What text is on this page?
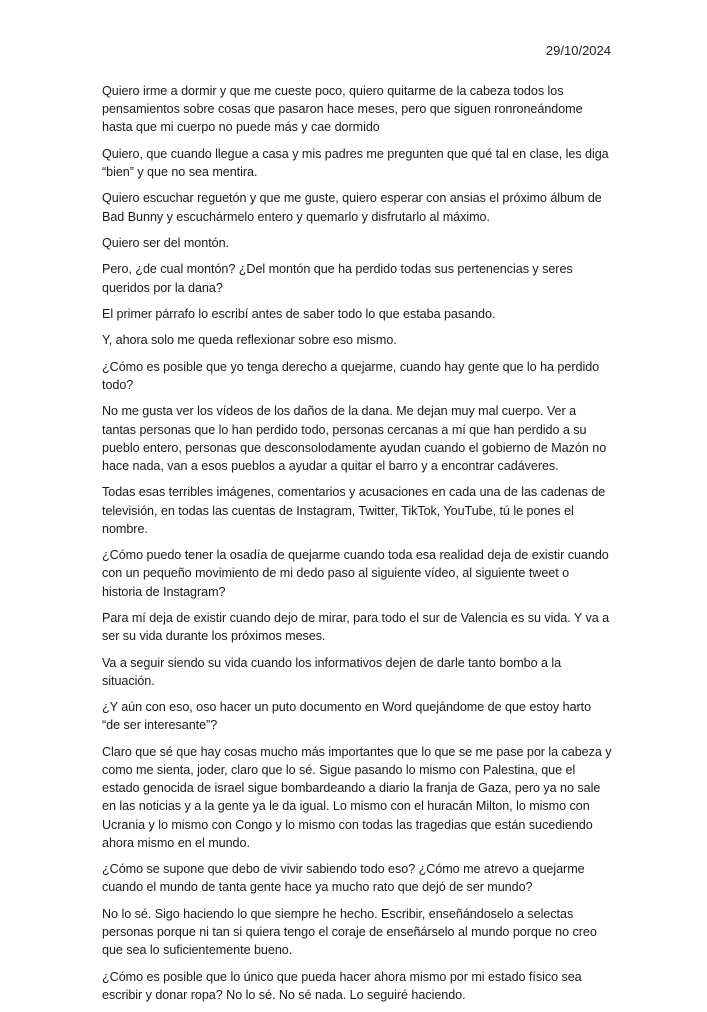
29/10/2024

Quiero irme a dormir y que me cueste poco, quiero quitarme de la cabeza todos los pensamientos sobre cosas que pasaron hace meses, pero que siguen ronroneándome hasta que mi cuerpo no puede más y cae dormido

Quiero, que cuando llegue a casa y mis padres me pregunten que qué tal en clase, les diga “bien” y que no sea mentira.

Quiero escuchar reguetón y que me guste, quiero esperar con ansias el próximo álbum de Bad Bunny y escuchármelo entero y quemarlo y disfrutarlo al máximo.

Quiero ser del montón.

Pero, ¿de cual montón? ¿Del montón que ha perdido todas sus pertenencias y seres queridos por la dana?

El primer párrafo lo escribí antes de saber todo lo que estaba pasando.

Y, ahora solo me queda reflexionar sobre eso mismo.

¿Cómo es posible que yo tenga derecho a quejarme, cuando hay gente que lo ha perdido todo?

No me gusta ver los vídeos de los daños de la dana. Me dejan muy mal cuerpo. Ver a tantas personas que lo han perdido todo, personas cercanas a mí que han perdido a su pueblo entero, personas que desconsolodamente ayudan cuando el gobierno de Mazón no hace nada, van a esos pueblos a ayudar a quitar el barro y a encontrar cadáveres.

Todas esas terribles imágenes, comentarios y acusaciones en cada una de las cadenas de televisión, en todas las cuentas de Instagram, Twitter, TikTok, YouTube, tú le pones el nombre.

¿Cómo puedo tener la osadía de quejarme cuando toda esa realidad deja de existir cuando con un pequeño movimiento de mi dedo paso al siguiente vídeo, al siguiente tweet o historia de Instagram?

Para mí deja de existir cuando dejo de mirar, para todo el sur de Valencia es su vida. Y va a ser su vida durante los próximos meses.

Va a seguir siendo su vida cuando los informativos dejen de darle tanto bombo a la situación.

¿Y aún con eso, oso hacer un puto documento en Word quejándome de que estoy harto “de ser interesante”?

Claro que sé que hay cosas mucho más importantes que lo que se me pase por la cabeza y como me sienta, joder, claro que lo sé. Sigue pasando lo mismo con Palestina, que el estado genocida de israel sigue bombardeando a diario la franja de Gaza, pero ya no sale en las noticias y a la gente ya le da igual. Lo mismo con el huracán Milton, lo mismo con Ucrania y lo mismo con Congo y lo mismo con todas las tragedias que están sucediendo ahora mismo en el mundo.

¿Cómo se supone que debo de vivir sabiendo todo eso? ¿Cómo me atrevo a quejarme cuando el mundo de tanta gente hace ya mucho rato que dejó de ser mundo?

No lo sé. Sigo haciendo lo que siempre he hecho. Escribir, enseñándoselo a selectas personas porque ni tan si quiera tengo el coraje de enseñárselo al mundo porque no creo que sea lo suficientemente bueno.

¿Cómo es posible que lo único que pueda hacer ahora mismo por mi estado físico sea escribir y donar ropa? No lo sé. No sé nada. Lo seguiré haciendo.
